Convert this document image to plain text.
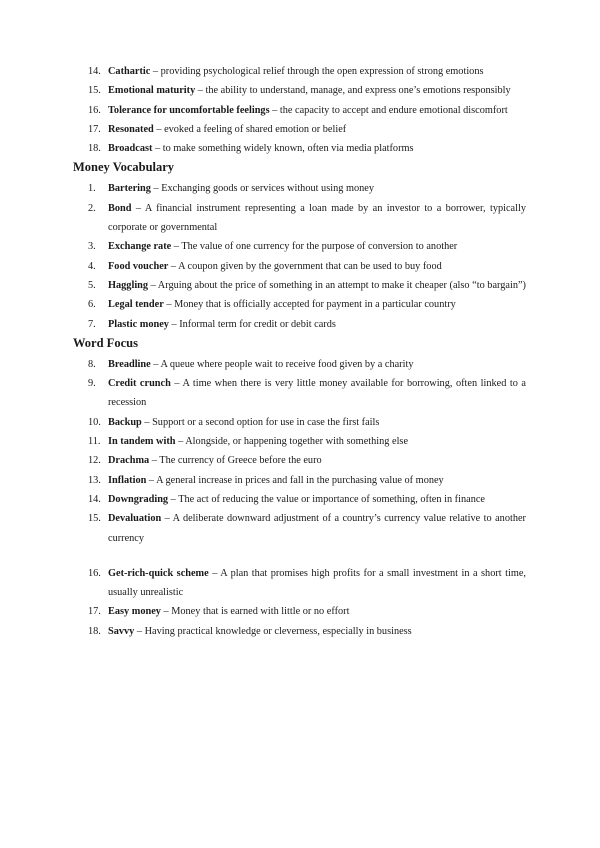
14. Cathartic – providing psychological relief through the open expression of strong emotions
15. Emotional maturity – the ability to understand, manage, and express one’s emotions responsibly
16. Tolerance for uncomfortable feelings – the capacity to accept and endure emotional discomfort
17. Resonated – evoked a feeling of shared emotion or belief
18. Broadcast – to make something widely known, often via media platforms
Money Vocabulary
1.	Bartering – Exchanging goods or services without using money
2.	Bond – A financial instrument representing a loan made by an investor to a borrower, typically corporate or governmental
3.	Exchange rate – The value of one currency for the purpose of conversion to another
4.	Food voucher – A coupon given by the government that can be used to buy food
5.	Haggling – Arguing about the price of something in an attempt to make it cheaper (also “to bargain”)
6.	Legal tender – Money that is officially accepted for payment in a particular country
7.	Plastic money – Informal term for credit or debit cards
Word Focus
8.	Breadline – A queue where people wait to receive food given by a charity
9.	Credit crunch – A time when there is very little money available for borrowing, often linked to a recession
10. Backup – Support or a second option for use in case the first fails
11. In tandem with – Alongside, or happening together with something else
12. Drachma – The currency of Greece before the euro
13. Inflation – A general increase in prices and fall in the purchasing value of money
14. Downgrading – The act of reducing the value or importance of something, often in finance
15. Devaluation – A deliberate downward adjustment of a country’s currency value relative to another currency
16. Get-rich-quick scheme – A plan that promises high profits for a small investment in a short time, usually unrealistic
17. Easy money – Money that is earned with little or no effort
18. Savvy – Having practical knowledge or cleverness, especially in business
